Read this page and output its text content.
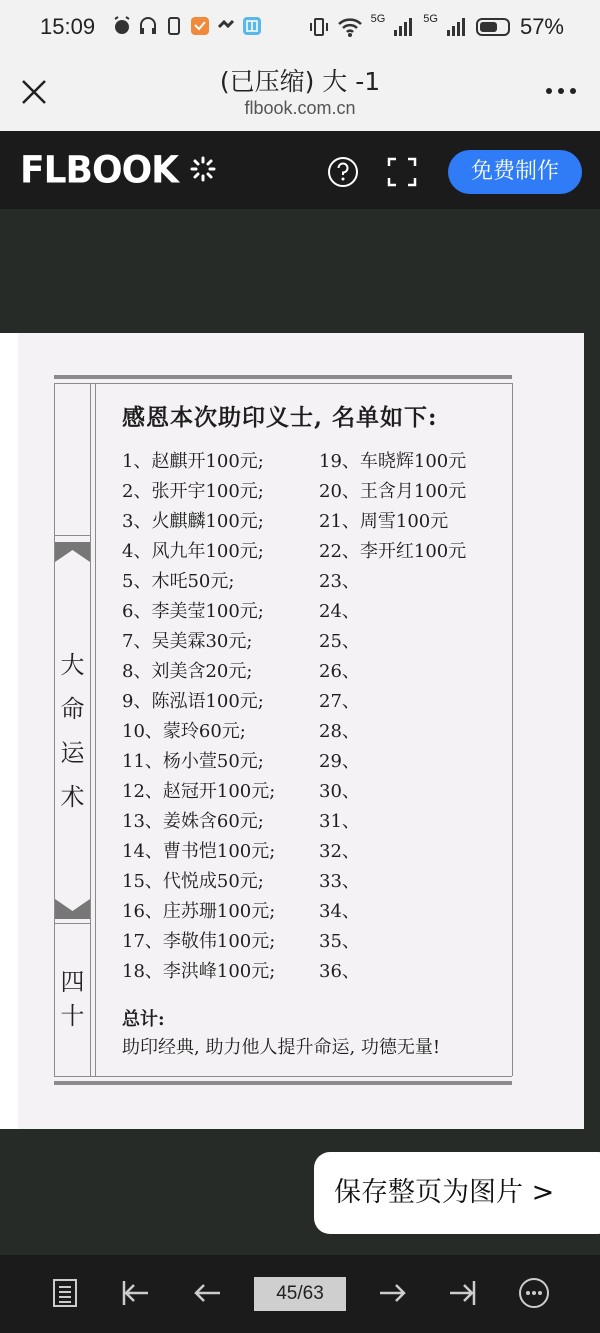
15:09	5G	5G	57%
(已压缩) 大 -1
flbook.com.cn
FLBOOK	免费制作
大
命
运
术
四
十
感恩本次助印义士, 名单如下:
1、赵麒开100元;
2、张开宇100元;
3、火麒麟100元;
4、风九年100元;
5、木吒50元;
6、李美莹100元;
7、吴美霖30元;
8、刘美含20元;
9、陈泓语100元;
10、蒙玲60元;
11、杨小萱50元;
12、赵冠开100元;
13、姜姝含60元;
14、曹书恺100元;
15、代悦成50元;
16、庄苏珊100元;
17、李敬伟100元;
18、李洪峰100元;
19、车晓辉100元
20、王含月100元
21、周雪100元
22、李开红100元
23、
24、
25、
26、
27、
28、
29、
30、
31、
32、
33、
34、
35、
36、
总计:
助印经典, 助力他人提升命运, 功德无量!
保存整页为图片 >
45/63
